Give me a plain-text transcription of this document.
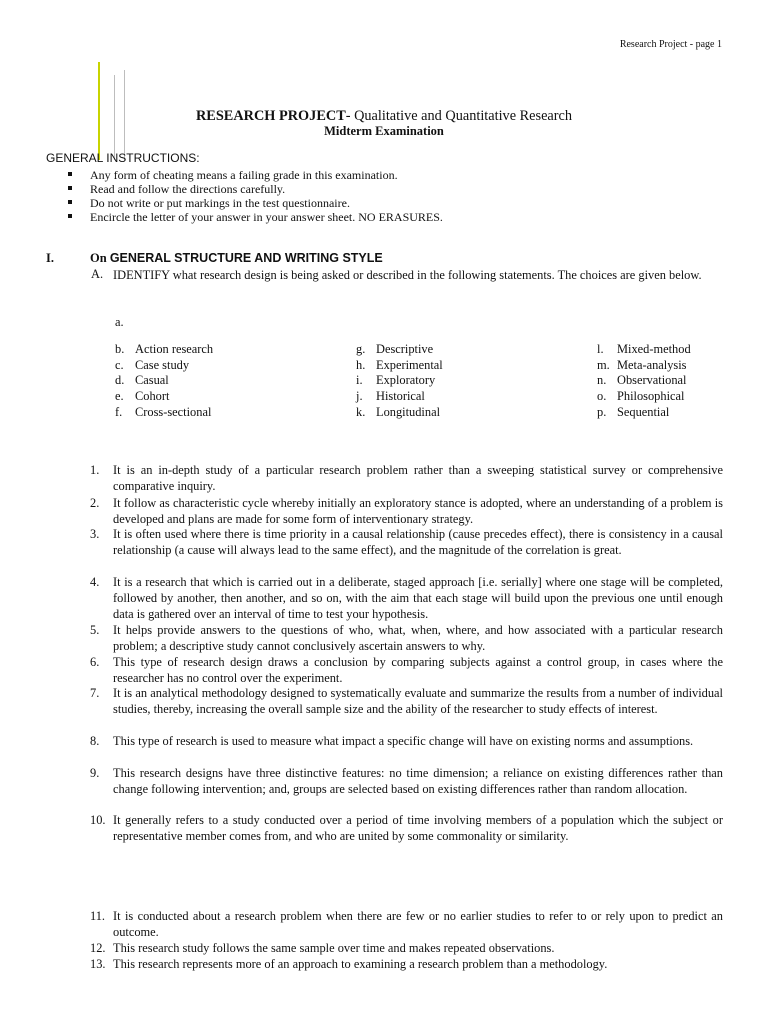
Research Project - page 1
RESEARCH PROJECT- Qualitative and Quantitative Research
Midterm Examination
GENERAL INSTRUCTIONS:
Any form of cheating means a failing grade in this examination.
Read and follow the directions carefully.
Do not write or put markings in the test questionnaire.
Encircle the letter of your answer in your answer sheet. NO ERASURES.
I.	On GENERAL STRUCTURE AND WRITING STYLE
A. IDENTIFY what research design is being asked or described in the following statements. The choices are given below.
a.
b. Action research
c. Case study
d. Casual
e. Cohort
f. Cross-sectional
g. Descriptive
h. Experimental
i. Exploratory
j. Historical
k. Longitudinal
l. Mixed-method
m. Meta-analysis
n. Observational
o. Philosophical
p. Sequential
1. It is an in-depth study of a particular research problem rather than a sweeping statistical survey or comprehensive comparative inquiry.
2. It follow as characteristic cycle whereby initially an exploratory stance is adopted, where an understanding of a problem is developed and plans are made for some form of interventionary strategy.
3. It is often used where there is time priority in a causal relationship (cause precedes effect), there is consistency in a causal relationship (a cause will always lead to the same effect), and the magnitude of the correlation is great.
4. It is a research that which is carried out in a deliberate, staged approach [i.e. serially] where one stage will be completed, followed by another, then another, and so on, with the aim that each stage will build upon the previous one until enough data is gathered over an interval of time to test your hypothesis.
5. It helps provide answers to the questions of who, what, when, where, and how associated with a particular research problem; a descriptive study cannot conclusively ascertain answers to why.
6. This type of research design draws a conclusion by comparing subjects against a control group, in cases where the researcher has no control over the experiment.
7. It is an analytical methodology designed to systematically evaluate and summarize the results from a number of individual studies, thereby, increasing the overall sample size and the ability of the researcher to study effects of interest.
8. This type of research is used to measure what impact a specific change will have on existing norms and assumptions.
9. This research designs have three distinctive features: no time dimension; a reliance on existing differences rather than change following intervention; and, groups are selected based on existing differences rather than random allocation.
10. It generally refers to a study conducted over a period of time involving members of a population which the subject or representative member comes from, and who are united by some commonality or similarity.
11. It is conducted about a research problem when there are few or no earlier studies to refer to or rely upon to predict an outcome.
12. This research study follows the same sample over time and makes repeated observations.
13. This research represents more of an approach to examining a research problem than a methodology.
